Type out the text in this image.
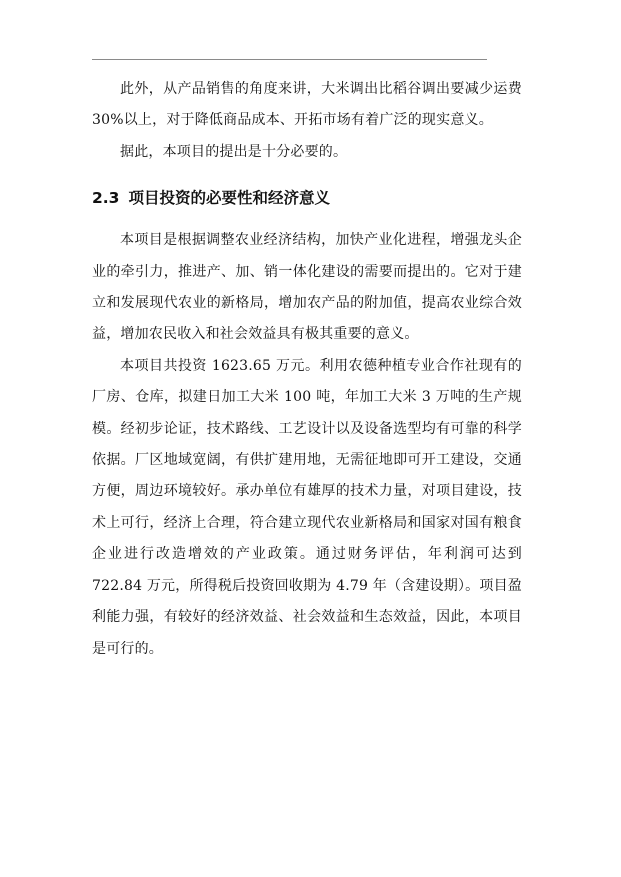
此外，从产品销售的角度来讲，大米调出比稻谷调出要减少运费 30%以上，对于降低商品成本、开拓市场有着广泛的现实意义。

据此，本项目的提出是十分必要的。

2.3 项目投资的必要性和经济意义

本项目是根据调整农业经济结构，加快产业化进程，增强龙头企业的牵引力，推进产、加、销一体化建设的需要而提出的。它对于建立和发展现代农业的新格局，增加农产品的附加值，提高农业综合效益，增加农民收入和社会效益具有极其重要的意义。

本项目共投资 1623.65 万元。利用农德种植专业合作社现有的厂房、仓库，拟建日加工大米 100 吨，年加工大米 3 万吨的生产规模。经初步论证，技术路线、工艺设计以及设备选型均有可靠的科学依据。厂区地域宽阔，有供扩建用地，无需征地即可开工建设，交通方便，周边环境较好。承办单位有雄厚的技术力量，对项目建设，技术上可行，经济上合理，符合建立现代农业新格局和国家对国有粮食企业进行改造增效的产业政策。通过财务评估，年利润可达到 722.84 万元，所得税后投资回收期为 4.79 年（含建设期）。项目盈利能力强，有较好的经济效益、社会效益和生态效益，因此，本项目是可行的。
